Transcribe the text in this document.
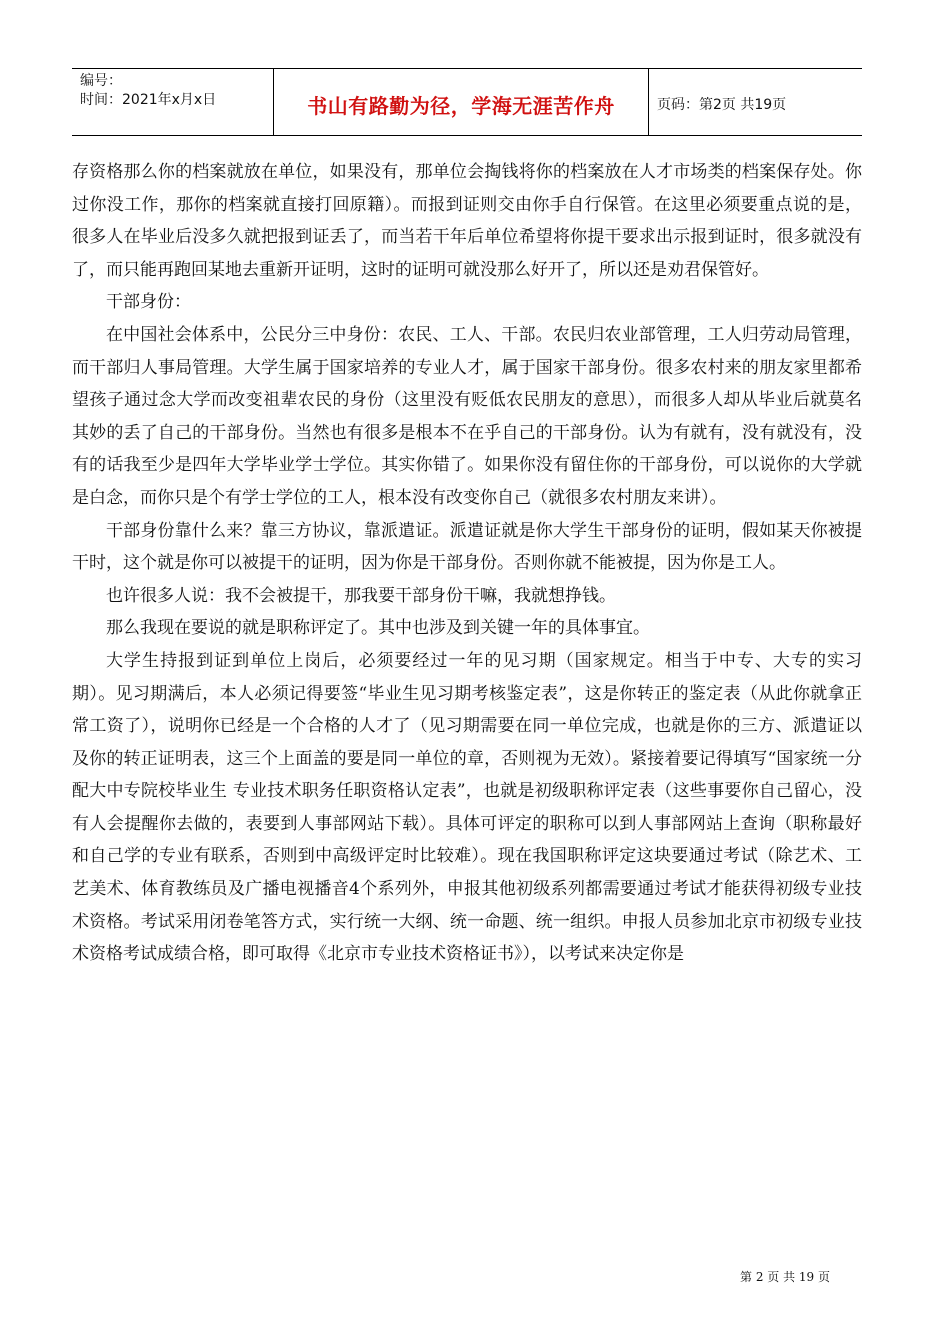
编号：
时间：2021年x月x日	书山有路勤为径，学海无涯苦作舟	页码：第2页 共19页

存资格那么你的档案就放在单位，如果没有，那单位会掏钱将你的档案放在人才市场类的档案保存处。你过你没工作，那你的档案就直接打回原籍）。而报到证则交由你手自行保管。在这里必须要重点说的是，很多人在毕业后没多久就把报到证丢了，而当若干年后单位希望将你提干要求出示报到证时，很多就没有了，而只能再跑回某地去重新开证明，这时的证明可就没那么好开了，所以还是劝君保管好。

干部身份：

在中国社会体系中，公民分三中身份：农民、工人、干部。农民归农业部管理，工人归劳动局管理，而干部归人事局管理。大学生属于国家培养的专业人才，属于国家干部身份。很多农村来的朋友家里都希望孩子通过念大学而改变祖辈农民的身份（这里没有贬低农民朋友的意思），而很多人却从毕业后就莫名其妙的丢了自己的干部身份。当然也有很多是根本不在乎自己的干部身份。认为有就有，没有就没有，没有的话我至少是四年大学毕业学士学位。其实你错了。如果你没有留住你的干部身份，可以说你的大学就是白念，而你只是个有学士学位的工人，根本没有改变你自己（就很多农村朋友来讲）。

干部身份靠什么来？靠三方协议，靠派遣证。派遣证就是你大学生干部身份的证明，假如某天你被提干时，这个就是你可以被提干的证明，因为你是干部身份。否则你就不能被提，因为你是工人。

也许很多人说：我不会被提干，那我要干部身份干嘛，我就想挣钱。

那么我现在要说的就是职称评定了。其中也涉及到关键一年的具体事宜。

大学生持报到证到单位上岗后，必须要经过一年的见习期（国家规定。相当于中专、大专的实习期）。见习期满后，本人必须记得要签“毕业生见习期考核鉴定表”，这是你转正的鉴定表（从此你就拿正常工资了），说明你已经是一个合格的人才了（见习期需要在同一单位完成，也就是你的三方、派遣证以及你的转正证明表，这三个上面盖的要是同一单位的章，否则视为无效）。紧接着要记得填写“国家统一分配大中专院校毕业生 专业技术职务任职资格认定表”，也就是初级职称评定表（这些事要你自己留心，没有人会提醒你去做的，表要到人事部网站下载）。具体可评定的职称可以到人事部网站上查询（职称最好和自己学的专业有联系，否则到中高级评定时比较难）。现在我国职称评定这块要通过考试（除艺术、工艺美术、体育教练员及广播电视播音4个系列外，申报其他初级系列都需要通过考试才能获得初级专业技术资格。考试采用闭卷笔答方式，实行统一大纲、统一命题、统一组织。申报人员参加北京市初级专业技术资格考试成绩合格，即可取得《北京市专业技术资格证书》），以考试来决定你是

第 2 页 共 19 页
